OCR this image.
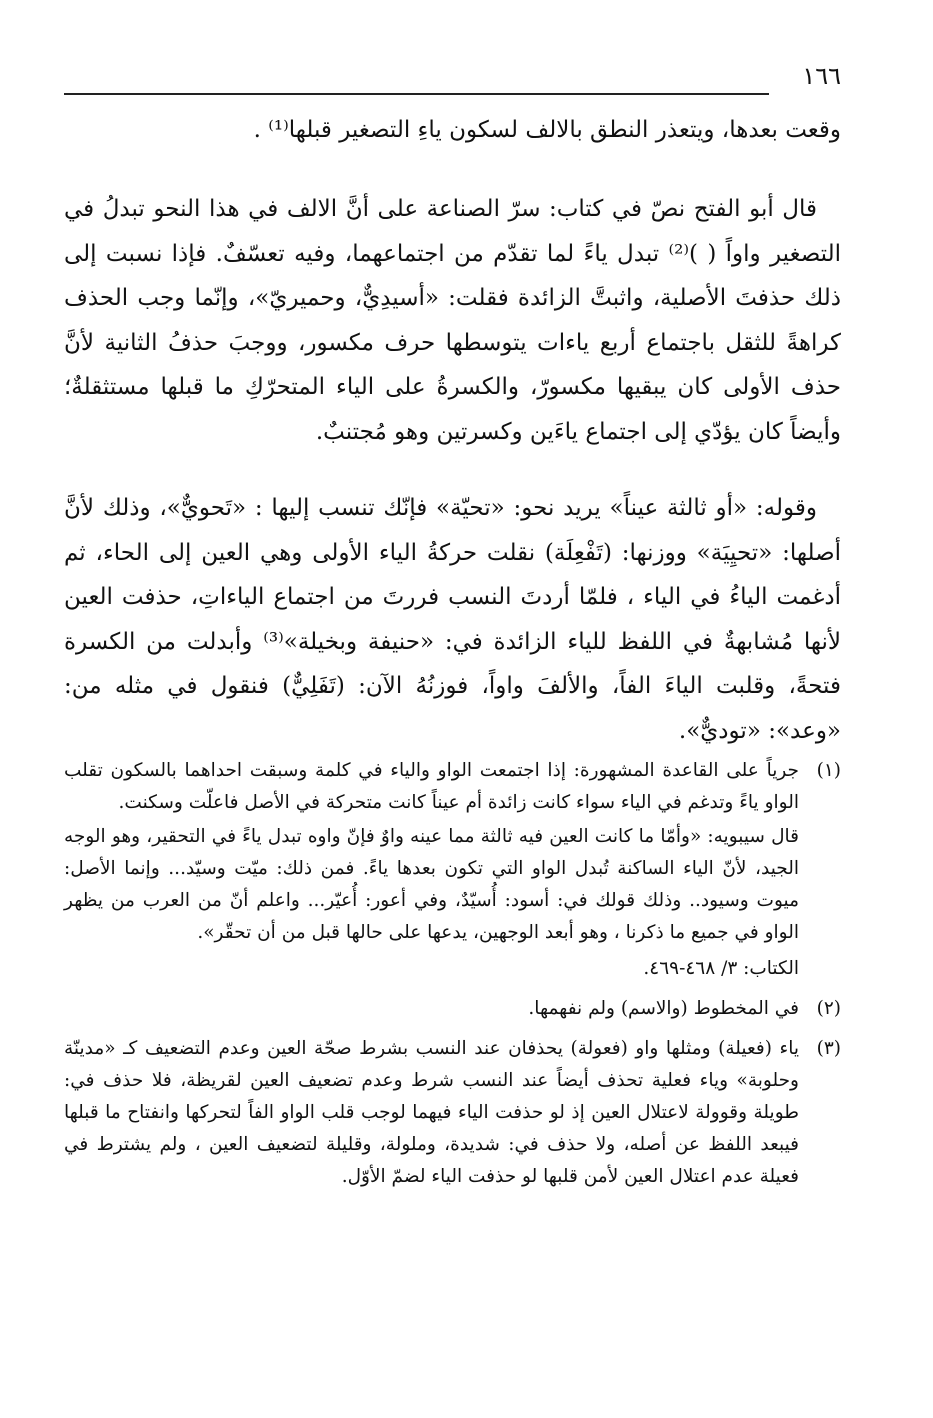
١٦٦

وقعت بعدها، ويتعذر النطق بالالف لسكون ياءِ التصغير قبلها⁽¹⁾ .

قال أبو الفتح نصّ في كتاب: سرّ الصناعة على أنَّ الالف في هذا النحو تبدلُ في التصغير واواً ( )⁽²⁾ تبدل ياءً لما تقدّم من اجتماعهما، وفيه تعسّفٌ. فإذا نسبت إلى ذلك حذفتَ الأصلية، واثبتَّ الزائدة فقلت: «أسيدِيٌّ، وحميريّ»، وإنّما وجب الحذف كراهةً للثقل باجتماع أربع ياءات يتوسطها حرف مكسور، ووجبَ حذفُ الثانية لأنَّ حذف الأولى كان يبقيها مكسورّ، والكسرةُ على الياء المتحرّكِ ما قبلها مستثقلةٌ؛ وأيضاً كان يؤدّي إلى اجتماع ياءَين وكسرتين وهو مُجتنبٌ.

وقوله: «أو ثالثة عيناً» يريد نحو: «تحيّة» فإنّك تنسب إليها : «تَحويٌّ»، وذلك لأنَّ أصلها: «تحيِيَة» ووزنها: (تَفْعِلَة) نقلت حركةُ الياء الأولى وهي العين إلى الحاء، ثم أدغمت الياءُ في الياء ، فلمّا أردتَ النسب فررتَ من اجتماع الياءاتِ، حذفت العين لأنها مُشابهةٌ في اللفظ للياء الزائدة في: «حنيفة وبخيلة»⁽³⁾ وأبدلت من الكسرة فتحةً، وقلبت الياءَ الفاً، والألفَ واواً، فوزنُهُ الآن: (تَفَلِيٌّ) فنقول في مثله من: «وعد»: «توديٌّ».

(١)
جرياً على القاعدة المشهورة: إذا اجتمعت الواو والياء في كلمة وسبقت احداهما بالسكون تقلب الواو ياءً وتدغم في الياء سواء كانت زائدة أم عيناً كانت متحركة في الأصل فاعلّت وسكنت.
قال سيبويه: «وأمّا ما كانت العين فيه ثالثة مما عينه واوٌ فإنّ واوه تبدل ياءً في التحقير، وهو الوجه الجيد، لأنّ الياء الساكنة تُبدل الواو التي تكون بعدها ياءً. فمن ذلك: ميّت وسيّد... وإنما الأصل: ميوت وسيود.. وذلك قولك في: أسود: أُسيّدٌ، وفي أعور: أُعيّر... واعلم أنّ من العرب من يظهر الواو في جميع ما ذكرنا ، وهو أبعد الوجهين، يدعها على حالها قبل من أن تحقّر».
الكتاب: ٣/ ٤٦٨-٤٦٩.
(٢)
في المخطوط (والاسم) ولم نفهمها.
(٣)
ياء (فعيلة) ومثلها واو (فعولة) يحذفان عند النسب بشرط صحّة العين وعدم التضعيف كـ «مدينّة وحلوبة» وياء فعلية تحذف أيضاً عند النسب شرط وعدم تضعيف العين لقريظة، فلا حذف في: طويلة وقوولة لاعتلال العين إذ لو حذفت الياء فيهما لوجب قلب الواو الفاً لتحركها وانفتاح ما قبلها فيبعد اللفظ عن أصله، ولا حذف في: شديدة، وملولة، وقليلة لتضعيف العين ، ولم يشترط في فعيلة عدم اعتلال العين لأمن قلبها لو حذفت الياء لضمّ الأوّل.
